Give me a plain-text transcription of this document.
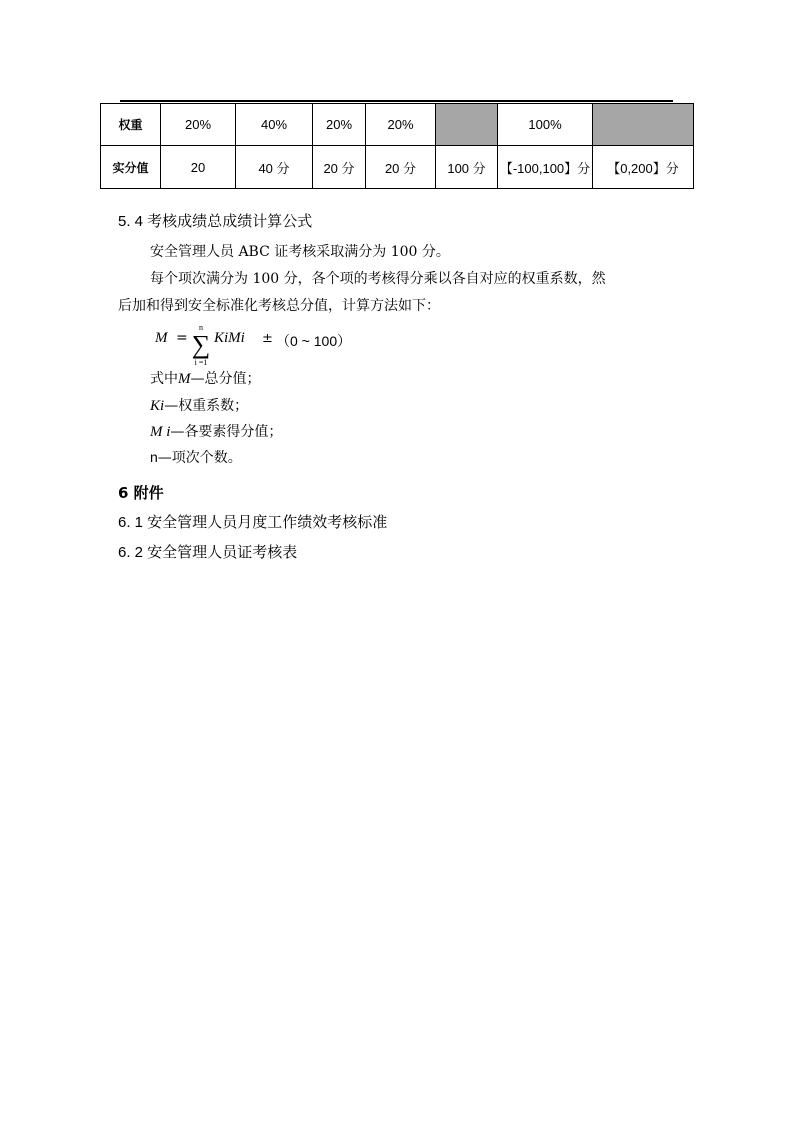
权重	20%	40%	20%	20%		100%	
实分值	20	40 分	20 分	20 分	100 分	【-100,100】分	【0,200】分
5. 4 考核成绩总成绩计算公式
安全管理人员 ABC 证考核采取满分为 100 分。
每个项次满分为 100 分，各个项的考核得分乘以各自对应的权重系数，然
后加和得到安全标准化考核总分值，计算方法如下：
M =
n
∑
i =1
KiMi ± （0 ~ 100）
式中M—总分值；
Ki—权重系数；
M i—各要素得分值；
n—项次个数。
6 附件
6. 1 安全管理人员月度工作绩效考核标准
6. 2 安全管理人员证考核表
